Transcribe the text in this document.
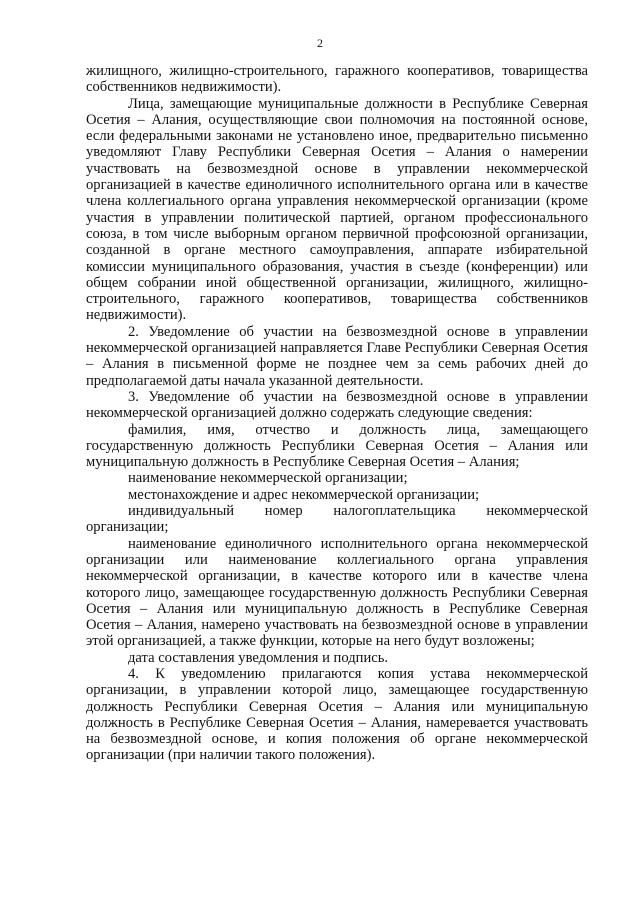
2

жилищного, жилищно-строительного, гаражного кооперативов, товарищества собственников недвижимости).

Лица, замещающие муниципальные должности в Республике Северная Осетия – Алания, осуществляющие свои полномочия на постоянной основе, если федеральными законами не установлено иное, предварительно письменно уведомляют Главу Республики Северная Осетия – Алания о намерении участвовать на безвозмездной основе в управлении некоммерческой организацией в качестве единоличного исполнительного органа или в качестве члена коллегиального органа управления некоммерческой организации (кроме участия в управлении политической партией, органом профессионального союза, в том числе выборным органом первичной профсоюзной организации, созданной в органе местного самоуправления, аппарате избирательной комиссии муниципального образования, участия в съезде (конференции) или общем собрании иной общественной организации, жилищного, жилищно-строительного, гаражного кооперативов, товарищества собственников недвижимости).

2. Уведомление об участии на безвозмездной основе в управлении некоммерческой организацией направляется Главе Республики Северная Осетия – Алания в письменной форме не позднее чем за семь рабочих дней до предполагаемой даты начала указанной деятельности.

3. Уведомление об участии на безвозмездной основе в управлении некоммерческой организацией должно содержать следующие сведения:

фамилия, имя, отчество и должность лица, замещающего государственную должность Республики Северная Осетия – Алания или муниципальную должность в Республике Северная Осетия – Алания;

наименование некоммерческой организации;

местонахождение и адрес некоммерческой организации;

индивидуальный номер налогоплательщика некоммерческой организации;

наименование единоличного исполнительного органа некоммерческой организации или наименование коллегиального органа управления некоммерческой организации, в качестве которого или в качестве члена которого лицо, замещающее государственную должность Республики Северная Осетия – Алания или муниципальную должность в Республике Северная Осетия – Алания, намерено участвовать на безвозмездной основе в управлении этой организацией, а также функции, которые на него будут возложены;

дата составления уведомления и подпись.

4. К уведомлению прилагаются копия устава некоммерческой организации, в управлении которой лицо, замещающее государственную должность Республики Северная Осетия – Алания или муниципальную должность в Республике Северная Осетия – Алания, намеревается участвовать на безвозмездной основе, и копия положения об органе некоммерческой организации (при наличии такого положения).
